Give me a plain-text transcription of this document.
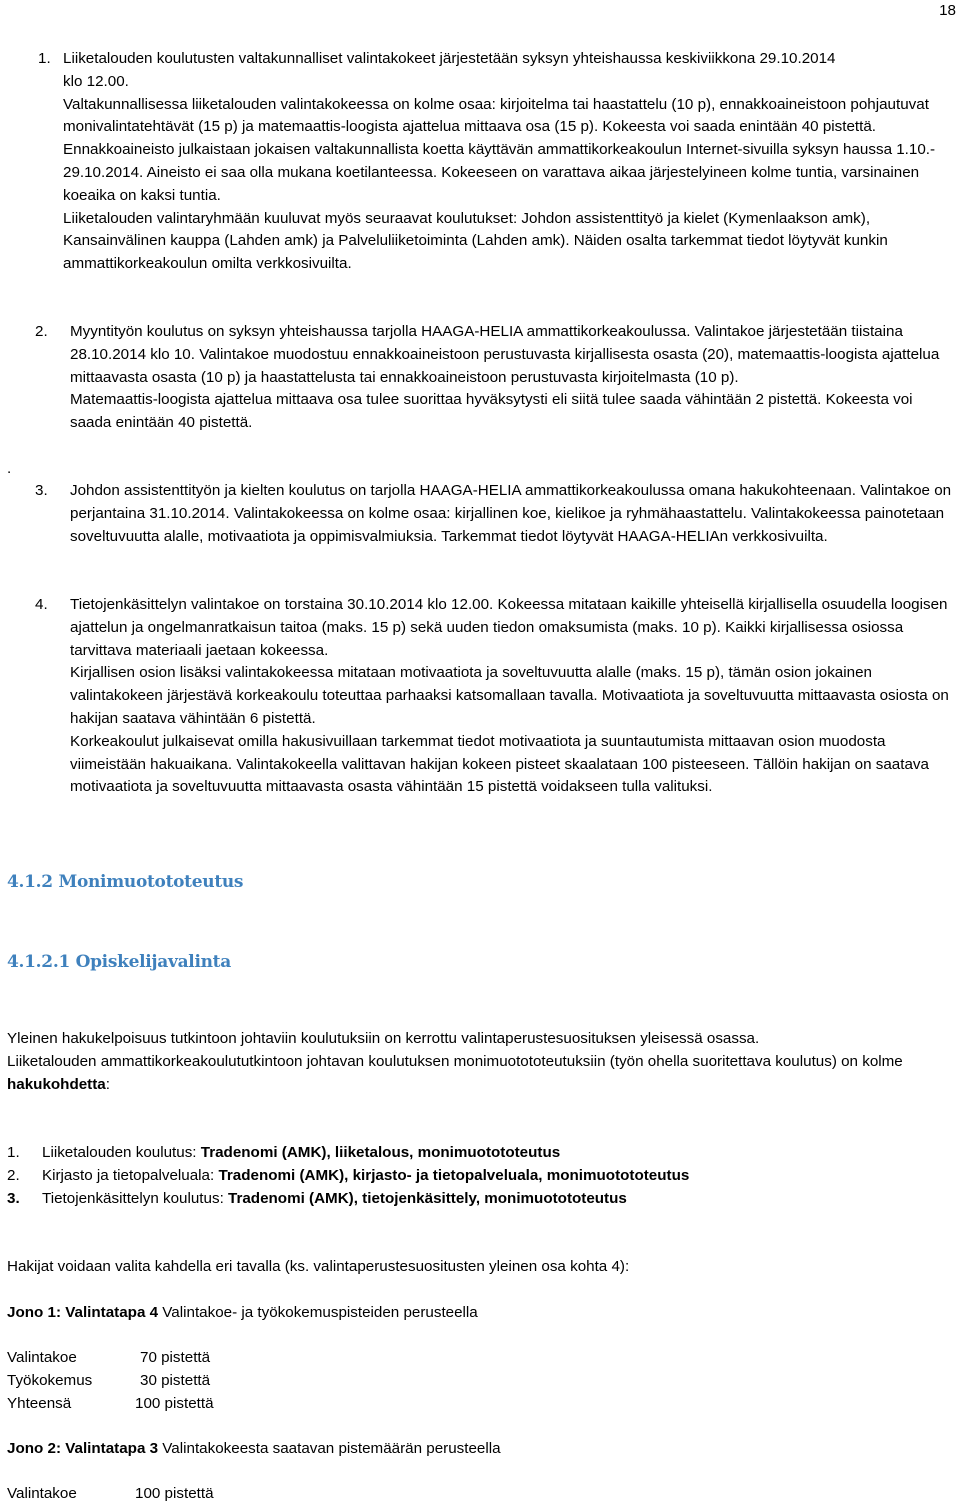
18
.
1. Liiketalouden koulutusten valtakunnalliset valintakokeet järjestetään syksyn yhteishaussa keskiviikkona 29.10.2014 klo 12.00.

Valtakunnallisessa liiketalouden valintakokeessa on kolme osaa: kirjoitelma tai haastattelu (10 p), ennakkoaineistoon pohjautuvat monivalintatehtävät (15 p) ja matemaattis-loogista ajattelua mittaava osa (15 p). Kokeesta voi saada enintään 40 pistettä. Ennakkoaineisto julkaistaan jokaisen valtakunnallista koetta käyttävän ammattikorkeakoulun Internet-sivuilla syksyn haussa 1.10.- 29.10.2014. Aineisto ei saa olla mukana koetilanteessa. Kokeeseen on varattava aikaa järjestelyineen kolme tuntia, varsinainen koeaika on kaksi tuntia.

Liiketalouden valintaryhmään kuuluvat myös seuraavat koulutukset: Johdon assistenttityö ja kielet (Kymenlaakson amk), Kansainvälinen kauppa (Lahden amk) ja Palveluliiketoiminta (Lahden amk). Näiden osalta tarkemmat tiedot löytyvät kunkin ammattikorkeakoulun omilta verkkosivuilta.

2. Myyntityön koulutus on syksyn yhteishaussa tarjolla HAAGA-HELIA ammattikorkeakoulussa. Valintakoe järjestetään tiistaina 28.10.2014 klo 10. Valintakoe muodostuu ennakkoaineistoon perustuvasta kirjallisesta osasta (20), matemaattis-loogista ajattelua mittaavasta osasta (10 p) ja haastattelusta tai ennakkoaineistoon perustuvasta kirjoitelmasta (10 p).

Matemaattis-loogista ajattelua mittaava osa tulee suorittaa hyväksytysti eli siitä tulee saada vähintään 2 pistettä. Kokeesta voi saada enintään 40 pistettä.

3. Johdon assistenttityön ja kielten koulutus on tarjolla HAAGA-HELIA ammattikorkeakoulussa omana hakukohteenaan. Valintakoe on perjantaina 31.10.2014. Valintakokeessa on kolme osaa: kirjallinen koe, kielikoe ja ryhmähaastattelu. Valintakokeessa painotetaan soveltuvuutta alalle, motivaatiota ja oppimisvalmiuksia. Tarkemmat tiedot löytyvät HAAGA-HELIAn verkkosivuilta.

4. Tietojenkäsittelyn valintakoe on torstaina 30.10.2014 klo 12.00. Kokeessa mitataan kaikille yhteisellä kirjallisella osuudella loogisen ajattelun ja ongelmanratkaisun taitoa (maks. 15 p) sekä uuden tiedon omaksumista (maks. 10 p). Kaikki kirjallisessa osiossa tarvittava materiaali jaetaan kokeessa.

Kirjallisen osion lisäksi valintakokeessa mitataan motivaatiota ja soveltuvuutta alalle (maks. 15 p), tämän osion jokainen valintakokeen järjestävä korkeakoulu toteuttaa parhaaksi katsomallaan tavalla. Motivaatiota ja soveltuvuutta mittaavasta osiosta on hakijan saatava vähintään 6 pistettä.

Korkeakoulut julkaisevat omilla hakusivuillaan tarkemmat tiedot motivaatiota ja suuntautumista mittaavan osion muodosta viimeistään hakuaikana. Valintakokeella valittavan hakijan kokeen pisteet skaalataan 100 pisteeseen. Tällöin hakijan on saatava motivaatiota ja soveltuvuutta mittaavasta osasta vähintään 15 pistettä voidakseen tulla valituksi.

4.1.2 Monimuotototeutus
4.1.2.1 Opiskelijavalinta

Yleinen hakukelpoisuus tutkintoon johtaviin koulutuksiin on kerrottu valintaperustesuosituksen yleisessä osassa.

Liiketalouden ammattikorkeakoulututkintoon johtavan koulutuksen monimuotototeutuksiin (työn ohella suoritettava koulutus) on kolme hakukohdetta:

1. Liiketalouden koulutus: Tradenomi (AMK), liiketalous, monimuotototeutus
2. Kirjasto ja tietopalveluala: Tradenomi (AMK), kirjasto- ja tietopalveluala, monimuotototeutus
3. Tietojenkäsittelyn koulutus: Tradenomi (AMK), tietojenkäsittely, monimuotototeutus
Hakijat voidaan valita kahdella eri tavalla (ks. valintaperustesuositusten yleinen osa kohta 4):
Jono 1: Valintatapa 4 Valintakoe- ja työkokemuspisteiden perusteella
Valintakoe	70 pistettä
Työkokemus	30 pistettä
Yhteensä	100 pistettä
Jono 2: Valintatapa 3 Valintakokeesta saatavan pistemäärän perusteella
Valintakoe	100 pistettä
